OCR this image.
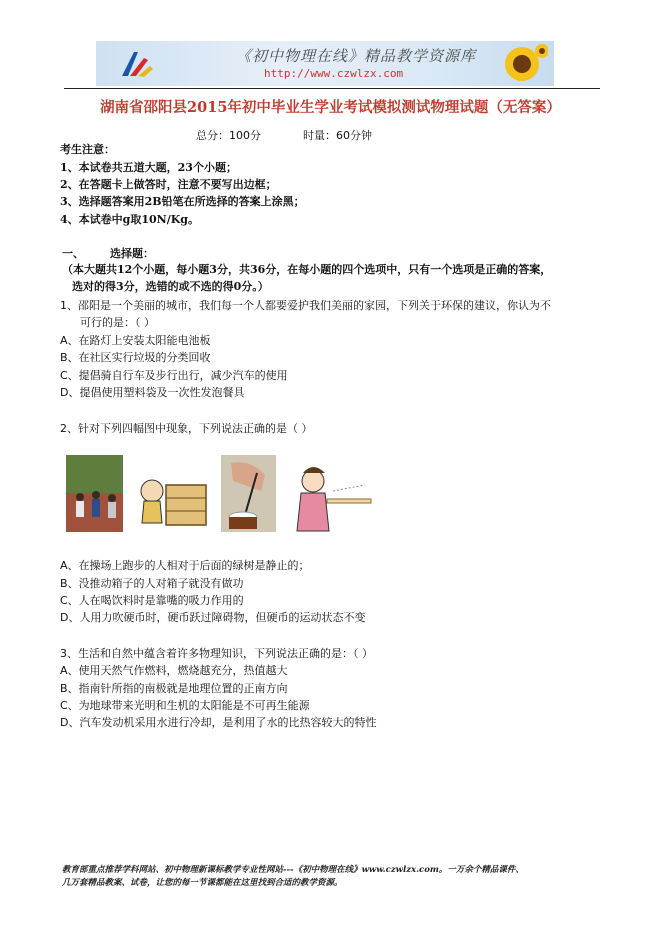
《初中物理在线》精品教学资源库
http://www.czwlzx.com
湖南省邵阳县2015年初中毕业生学业考试模拟测试物理试题（无答案）
总分：100分	时量：60分钟
考生注意：
1、本试卷共五道大题，23个小题；
2、在答题卡上做答时，注意不要写出边框；
3、选择题答案用2B铅笔在所选择的答案上涂黑；
4、本试卷中g取10N/Kg。
一、 选择题：
（本大题共12个小题，每小题3分，共36分，在每小题的四个选项中，只有一个选项是正确的答案，
选对的得3分，选错的或不选的得0分。）
1、邵阳是一个美丽的城市，我们每一个人都要爱护我们美丽的家园，下列关于环保的建议，你认为不
可行的是：（ ）
A、在路灯上安装太阳能电池板
B、在社区实行垃圾的分类回收
C、提倡骑自行车及步行出行，减少汽车的使用
D、提倡使用塑料袋及一次性发泡餐具
2、针对下列四幅图中现象，下列说法正确的是（ ）
A、在操场上跑步的人相对于后面的绿树是静止的；
B、没推动箱子的人对箱子就没有做功
C、人在喝饮料时是靠嘴的吸力作用的
D、人用力吹硬币时，硬币跃过障碍物，但硬币的运动状态不变
3、生活和自然中蕴含着许多物理知识，下列说法正确的是：（ ）
A、使用天然气作燃料，燃烧越充分，热值越大
B、指南针所指的南极就是地理位置的正南方向
C、为地球带来光明和生机的太阳能是不可再生能源
D、汽车发动机采用水进行冷却，是利用了水的比热容较大的特性
教育部重点推荐学科网站、初中物理新课标教学专业性网站---《初中物理在线》www.czwlzx.com。一万余个精品课件、
几万套精品教案、试卷，让您的每一节课都能在这里找到合适的教学资源。
